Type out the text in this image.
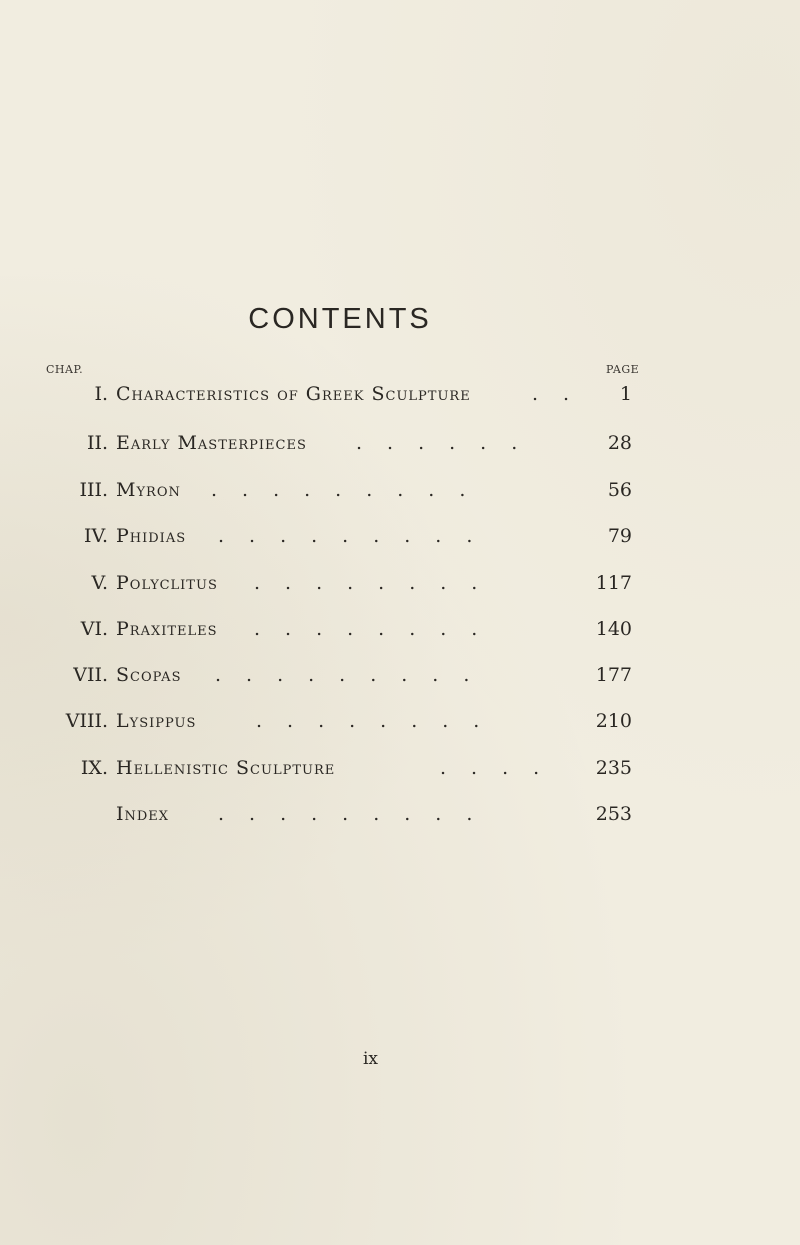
CONTENTS
CHAP.	PAGE
I. Characteristics of Greek Sculpture	.. 1
II. Early Masterpieces	......	28
III. Myron .........	56
IV. Phidias .........	79
V. Polyclitus ........	117
VI. Praxiteles ........	140
VII. Scopas .........	177
VIII. Lysippus	........	210
IX. Hellenistic Sculpture	.... 235
Index	.........	253
ix
